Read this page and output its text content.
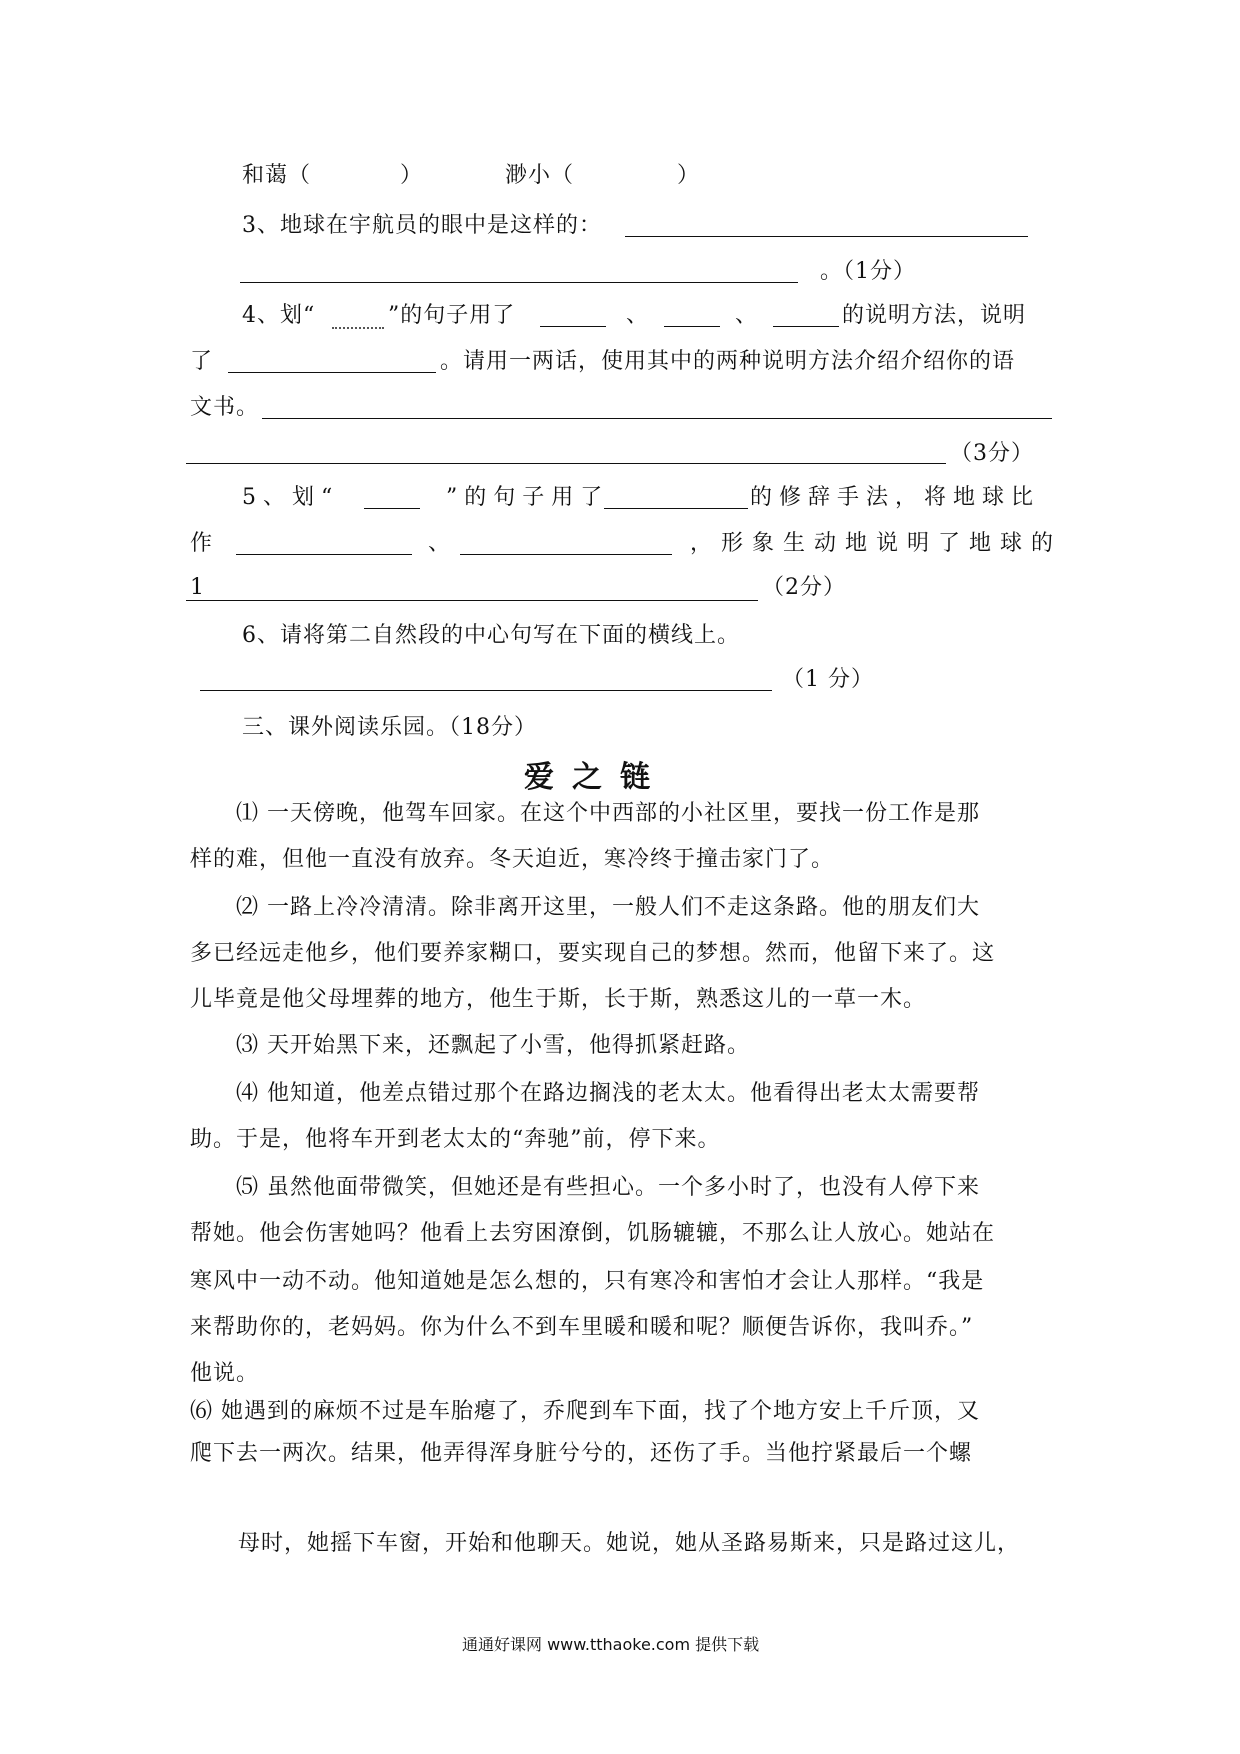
和蔼（	）	渺小（	）
3、地球在宇航员的眼中是这样的：
。（1分）
4、划“	”的句子用了	、	、	的说明方法，说明
了	。请用一两话，使用其中的两种说明方法介绍介绍你的语
文书。
（3分）
5、划“	”的句子用了	的修辞手法，将地球比
作	、	，形象生动地说明了地球的
1	（2分）
6、请将第二自然段的中心句写在下面的横线上。
（1 分）
三、课外阅读乐园。（18分）
爱之链
⑴ 一天傍晚，他驾车回家。在这个中西部的小社区里，要找一份工作是那
样的难，但他一直没有放弃。冬天迫近，寒冷终于撞击家门了。
⑵ 一路上冷冷清清。除非离开这里，一般人们不走这条路。他的朋友们大
多已经远走他乡，他们要养家糊口，要实现自己的梦想。然而，他留下来了。这
儿毕竟是他父母埋葬的地方，他生于斯，长于斯，熟悉这儿的一草一木。
⑶ 天开始黑下来，还飘起了小雪，他得抓紧赶路。
⑷ 他知道，他差点错过那个在路边搁浅的老太太。他看得出老太太需要帮
助。于是，他将车开到老太太的“奔驰”前，停下来。
⑸ 虽然他面带微笑，但她还是有些担心。一个多小时了，也没有人停下来
帮她。他会伤害她吗？他看上去穷困潦倒，饥肠辘辘，不那么让人放心。她站在
寒风中一动不动。他知道她是怎么想的，只有寒冷和害怕才会让人那样。“我是
来帮助你的，老妈妈。你为什么不到车里暖和暖和呢？顺便告诉你，我叫乔。”
他说。
⑹ 她遇到的麻烦不过是车胎瘪了，乔爬到车下面，找了个地方安上千斤顶，又
爬下去一两次。结果，他弄得浑身脏兮兮的，还伤了手。当他拧紧最后一个螺
母时，她摇下车窗，开始和他聊天。她说，她从圣路易斯来，只是路过这儿，
通通好课网 www.tthaoke.com 提供下载
